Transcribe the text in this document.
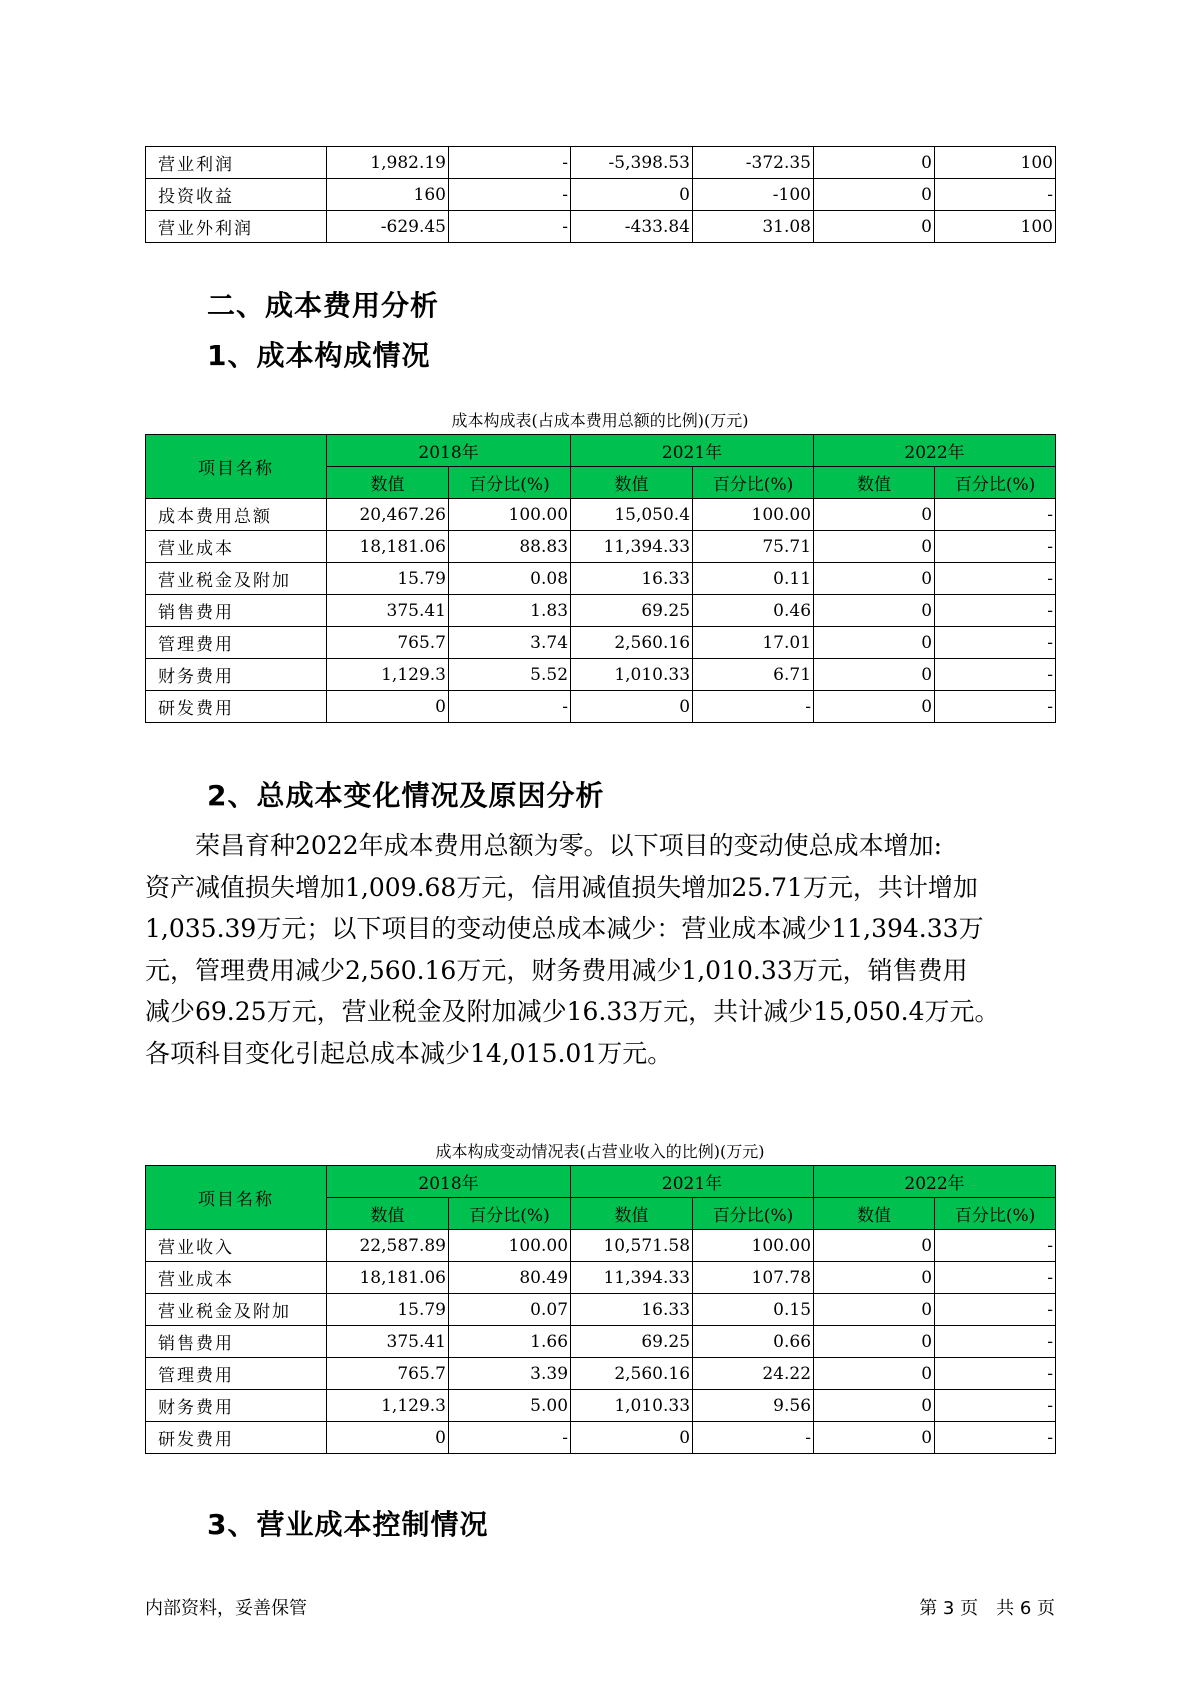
营业利润	1,982.19	-	-5,398.53	-372.35	0	100
投资收益	160	-	0	-100	0	-
营业外利润	-629.45	-	-433.84	31.08	0	100
二、成本费用分析
1、成本构成情况
成本构成表(占成本费用总额的比例)(万元)
项目名称	2018年		2021年		2022年	
	数值	百分比(%)	数值	百分比(%)	数值	百分比(%)
成本费用总额	20,467.26	100.00	15,050.4	100.00	0	-
营业成本	18,181.06	88.83	11,394.33	75.71	0	-
营业税金及附加	15.79	0.08	16.33	0.11	0	-
销售费用	375.41	1.83	69.25	0.46	0	-
管理费用	765.7	3.74	2,560.16	17.01	0	-
财务费用	1,129.3	5.52	1,010.33	6.71	0	-
研发费用	0	-	0	-	0	-
2、总成本变化情况及原因分析

　　荣昌育种2022年成本费用总额为零。以下项目的变动使总成本增加:

资产减值损失增加1,009.68万元，信用减值损失增加25.71万元，共计增加

1,035.39万元；以下项目的变动使总成本减少：营业成本减少11,394.33万

元，管理费用减少2,560.16万元，财务费用减少1,010.33万元，销售费用

减少69.25万元，营业税金及附加减少16.33万元，共计减少15,050.4万元。

各项科目变化引起总成本减少14,015.01万元。

成本构成变动情况表(占营业收入的比例)(万元)
项目名称	2018年		2021年		2022年	
	数值	百分比(%)	数值	百分比(%)	数值	百分比(%)
营业收入	22,587.89	100.00	10,571.58	100.00	0	-
营业成本	18,181.06	80.49	11,394.33	107.78	0	-
营业税金及附加	15.79	0.07	16.33	0.15	0	-
销售费用	375.41	1.66	69.25	0.66	0	-
管理费用	765.7	3.39	2,560.16	24.22	0	-
财务费用	1,129.3	5.00	1,010.33	9.56	0	-
研发费用	0	-	0	-	0	-
3、营业成本控制情况
内部资料，妥善保管	第 3 页　共 6 页
